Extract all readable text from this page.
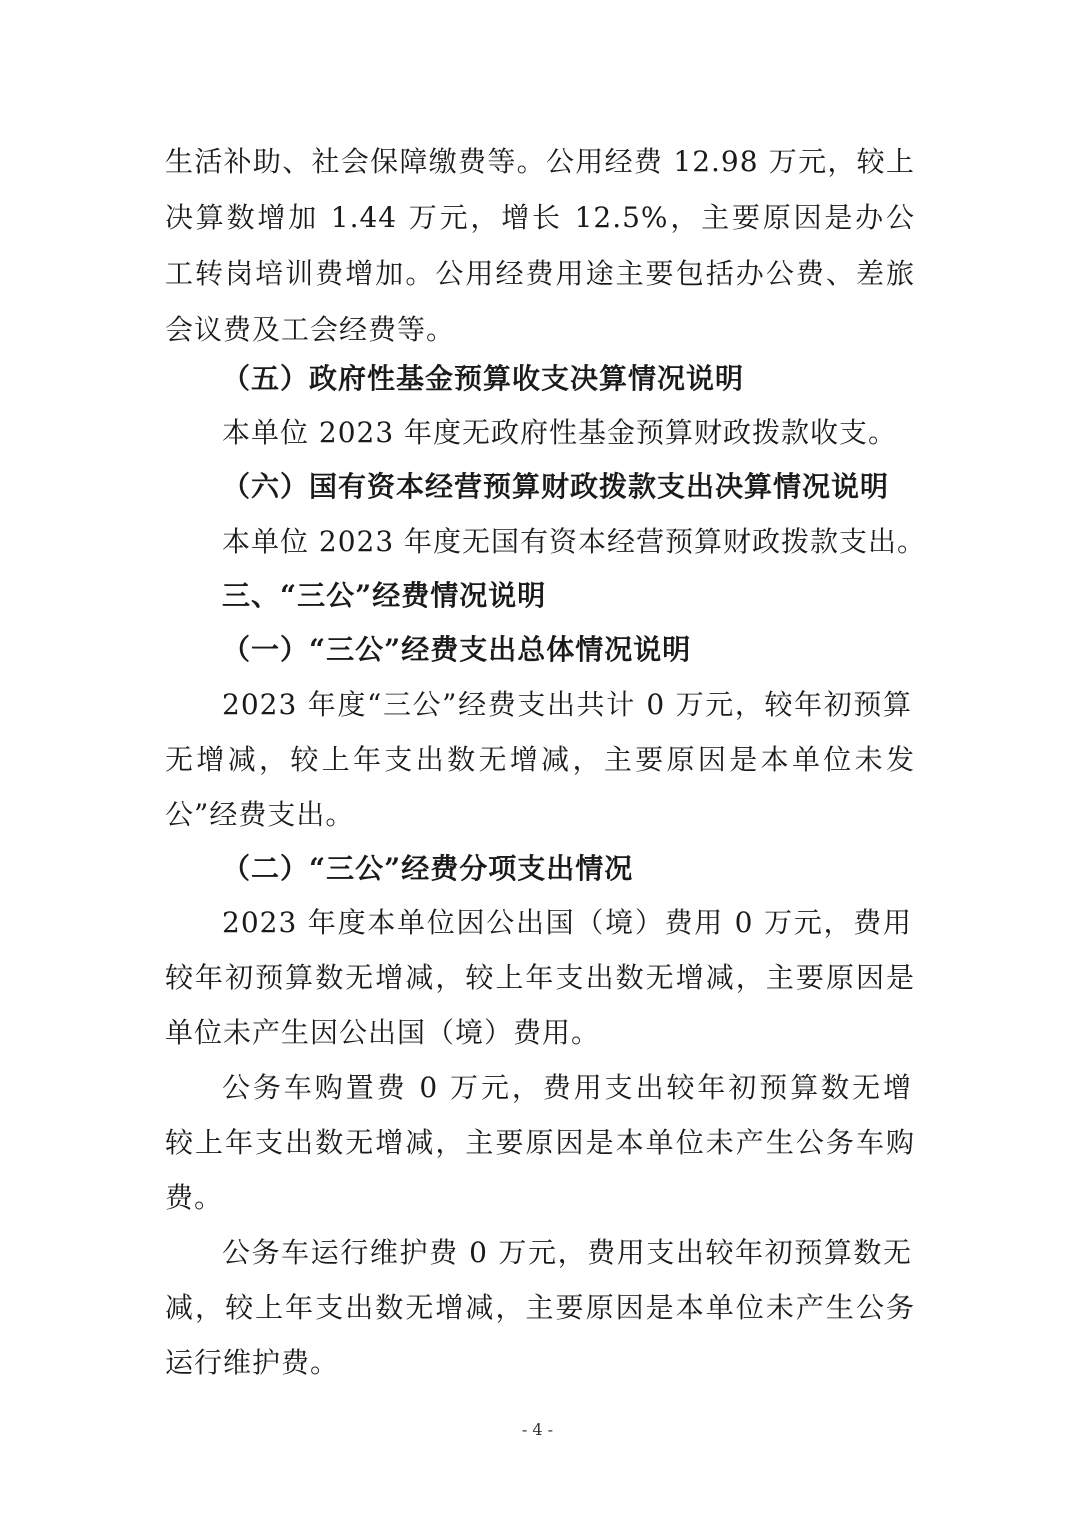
生活补助、社会保障缴费等。公用经费 12.98 万元，较上
决算数增加 1.44 万元，增长 12.5%，主要原因是办公
工转岗培训费增加。公用经费用途主要包括办公费、差旅
会议费及工会经费等。
（五）政府性基金预算收支决算情况说明
本单位 2023 年度无政府性基金预算财政拨款收支。
（六）国有资本经营预算财政拨款支出决算情况说明
本单位 2023 年度无国有资本经营预算财政拨款支出。
三、“三公”经费情况说明
（一）“三公”经费支出总体情况说明
2023 年度“三公”经费支出共计 0 万元，较年初预算
无增减，较上年支出数无增减，主要原因是本单位未发
公”经费支出。
（二）“三公”经费分项支出情况
2023 年度本单位因公出国（境）费用 0 万元，费用
较年初预算数无增减，较上年支出数无增减，主要原因是
单位未产生因公出国（境）费用。
公务车购置费 0 万元，费用支出较年初预算数无增
较上年支出数无增减，主要原因是本单位未产生公务车购
费。
公务车运行维护费 0 万元，费用支出较年初预算数无
减，较上年支出数无增减，主要原因是本单位未产生公务
运行维护费。
- 4 -
